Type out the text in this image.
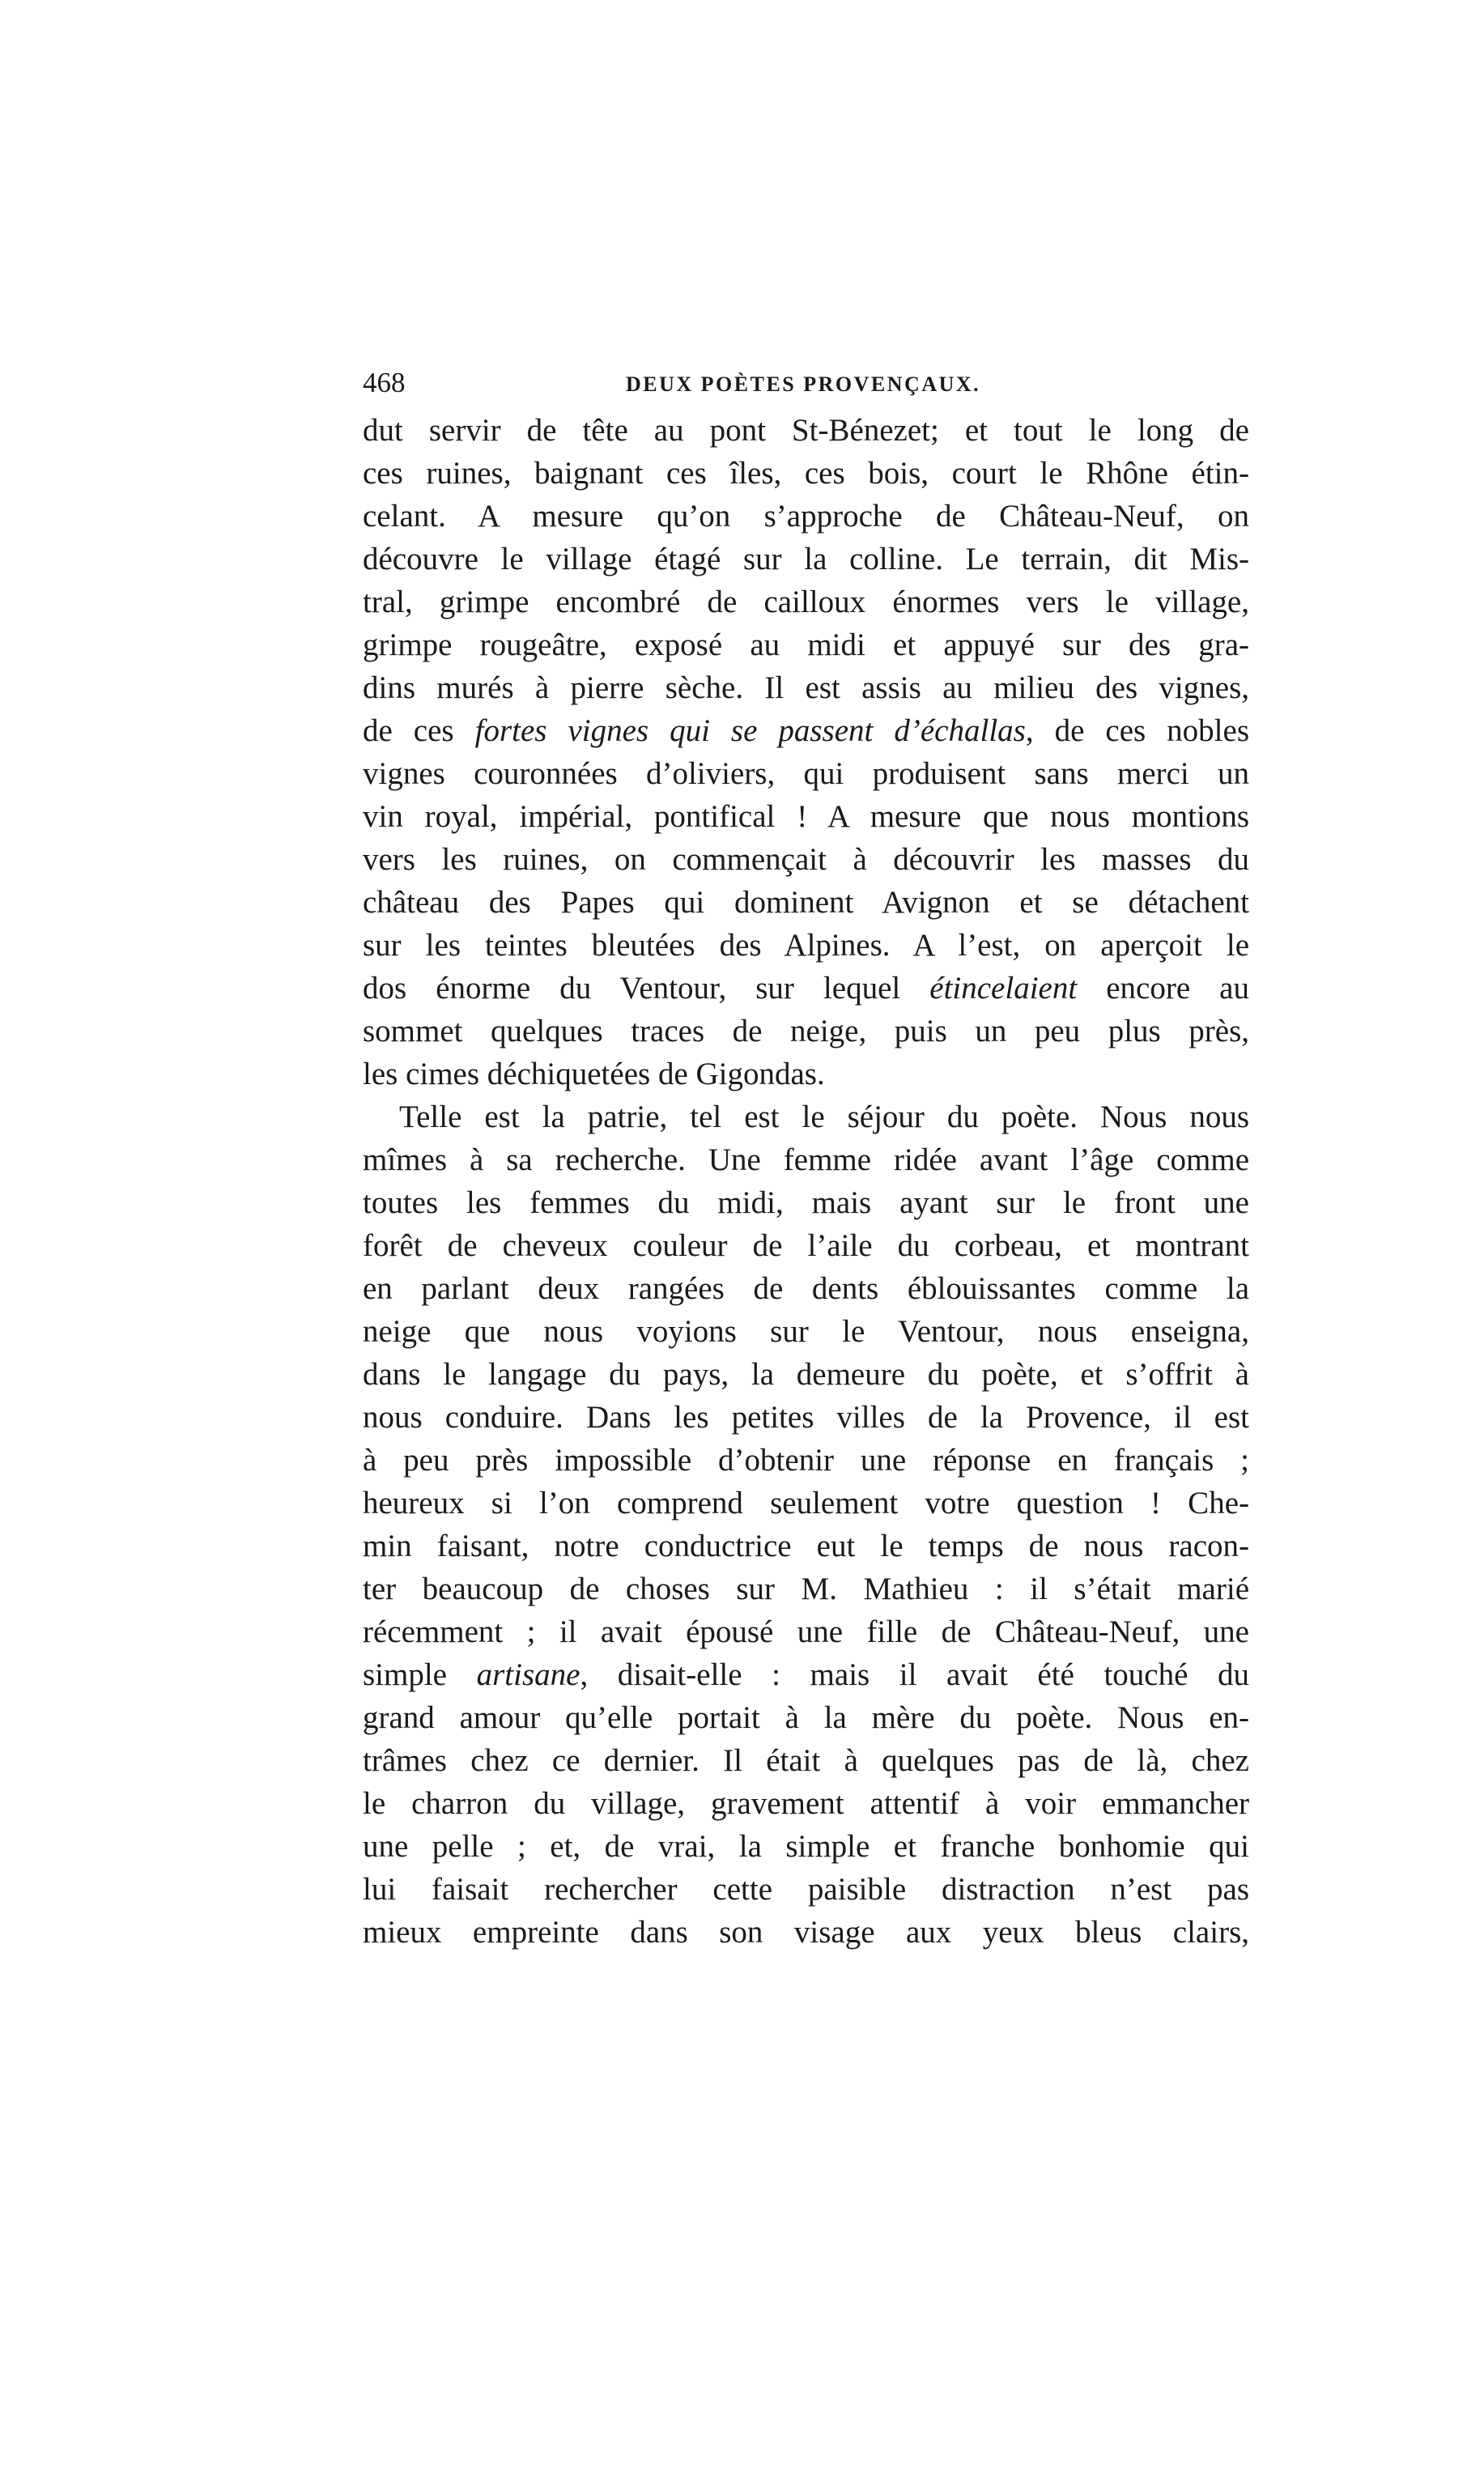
468	DEUX POÈTES PROVENÇAUX.
dut servir de tête au pont St-Bénezet; et tout le long de
ces ruines, baignant ces îles, ces bois, court le Rhône étin-
celant. A mesure qu’on s’approche de Château-Neuf, on
découvre le village étagé sur la colline. Le terrain, dit Mis-
tral, grimpe encombré de cailloux énormes vers le village,
grimpe rougeâtre, exposé au midi et appuyé sur des gra-
dins murés à pierre sèche. Il est assis au milieu des vignes,
de ces fortes vignes qui se passent d’échallas, de ces nobles
vignes couronnées d’oliviers, qui produisent sans merci un
vin royal, impérial, pontifical ! A mesure que nous montions
vers les ruines, on commençait à découvrir les masses du
château des Papes qui dominent Avignon et se détachent
sur les teintes bleutées des Alpines. A l’est, on aperçoit le
dos énorme du Ventour, sur lequel étincelaient encore au
sommet quelques traces de neige, puis un peu plus près,
les cimes déchiquetées de Gigondas.
Telle est la patrie, tel est le séjour du poète. Nous nous
mîmes à sa recherche. Une femme ridée avant l’âge comme
toutes les femmes du midi, mais ayant sur le front une
forêt de cheveux couleur de l’aile du corbeau, et montrant
en parlant deux rangées de dents éblouissantes comme la
neige que nous voyions sur le Ventour, nous enseigna,
dans le langage du pays, la demeure du poète, et s’offrit à
nous conduire. Dans les petites villes de la Provence, il est
à peu près impossible d’obtenir une réponse en français ;
heureux si l’on comprend seulement votre question ! Che-
min faisant, notre conductrice eut le temps de nous racon-
ter beaucoup de choses sur M. Mathieu : il s’était marié
récemment ; il avait épousé une fille de Château-Neuf, une
simple artisane, disait-elle : mais il avait été touché du
grand amour qu’elle portait à la mère du poète. Nous en-
trâmes chez ce dernier. Il était à quelques pas de là, chez
le charron du village, gravement attentif à voir emmancher
une pelle ; et, de vrai, la simple et franche bonhomie qui
lui faisait rechercher cette paisible distraction n’est pas
mieux empreinte dans son visage aux yeux bleus clairs,
